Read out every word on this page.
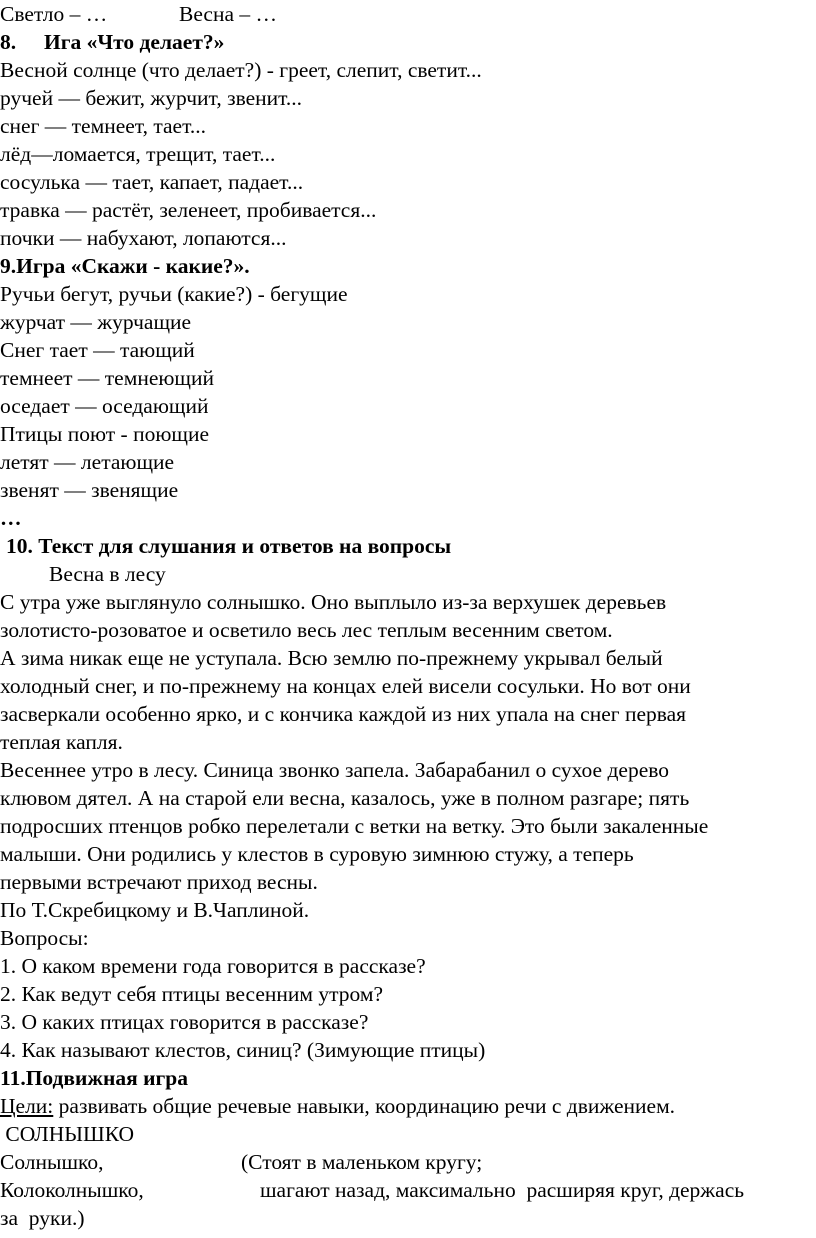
Светло – …	Весна – …
8. Ига «Что делает?»
Весной солнце (что делает?) - греет, слепит, светит...
ручей — бежит, журчит, звенит...
снег — темнеет, тает...
лёд—ломается, трещит, тает...
сосулька — тает, капает, падает...
травка — растёт, зеленеет, пробивается...
почки — набухают, лопаются...
9.Игра «Скажи - какие?».
Ручьи бегут, ручьи (какие?) - бегущие
журчат — журчащие
Снег тает — тающий
темнеет — темнеющий
оседает — оседающий
Птицы поют - поющие
летят — летающие
звенят — звенящие
…
10. Текст для слушания и ответов на вопросы
Весна в лесу
С утра уже выглянуло солнышко. Оно выплыло из-за верхушек деревьев
золотисто-розоватое и осветило весь лес теплым весенним светом.
А зима никак еще не уступала. Всю землю по-прежнему укрывал белый
холодный снег, и по-прежнему на концах елей висели сосульки. Но вот они
засверкали особенно ярко, и с кончика каждой из них упала на снег первая
теплая капля.
Весеннее утро в лесу. Синица звонко запела. Забарабанил о сухое дерево
клювом дятел. А на старой ели весна, казалось, уже в полном разгаре; пять
подросших птенцов робко перелетали с ветки на ветку. Это были закаленные
малыши. Они родились у клестов в суровую зимнюю стужу, а теперь
первыми встречают приход весны.
По Т.Скребицкому и В.Чаплиной.
Вопросы:
1. О каком времени года говорится в рассказе?
2. Как ведут себя птицы весенним утром?
3. О каких птицах говорится в рассказе?
4. Как называют клестов, синиц? (Зимующие птицы)
11.Подвижная игра
Цели: развивать общие речевые навыки, координацию речи с движением.
СОЛНЫШКО
Солнышко,	(Стоят в маленьком кругу;
Колоколнышко,	шагают назад, максимально  расширяя круг, держась
за  руки.)
